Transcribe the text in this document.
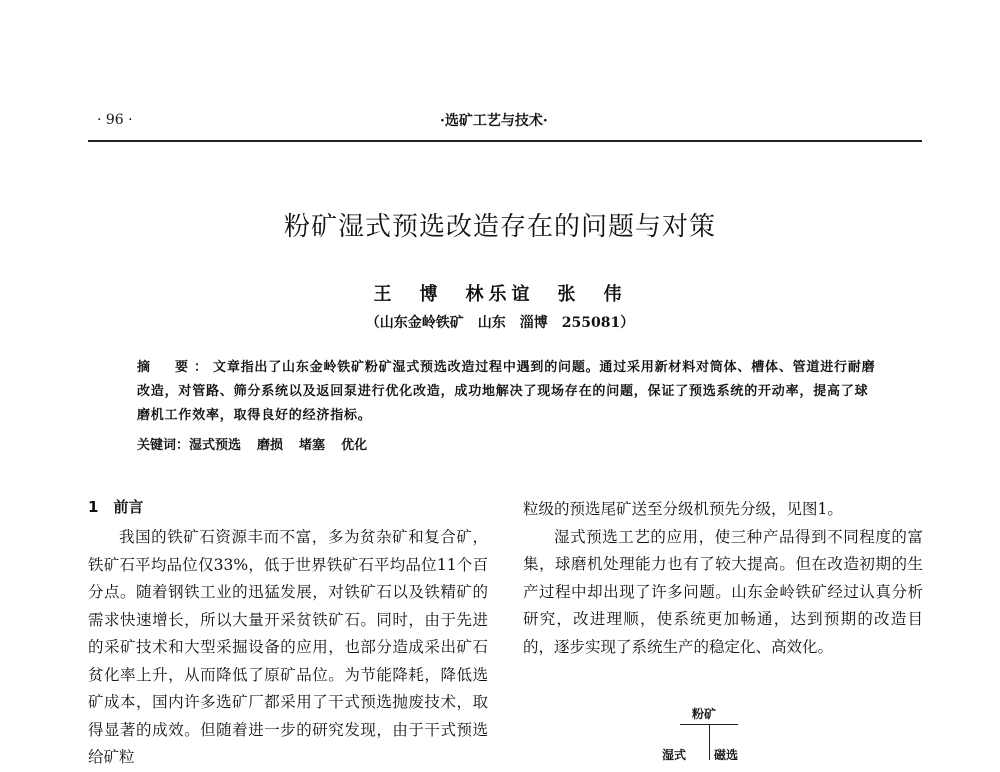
· 96 ·	·选矿工艺与技术·
粉矿湿式预选改造存在的问题与对策
王　博　林乐谊　张　伟
（山东金岭铁矿　山东　淄博　255081）
摘　要：文章指出了山东金岭铁矿粉矿湿式预选改造过程中遇到的问题。通过采用新材料对筒体、槽体、管道进行耐磨改造，对管路、筛分系统以及返回泵进行优化改造，成功地解决了现场存在的问题，保证了预选系统的开动率，提高了球磨机工作效率，取得良好的经济指标。
关键词：湿式预选 磨损 堵塞 优化
1　前言

我国的铁矿石资源丰而不富，多为贫杂矿和复合矿，铁矿石平均品位仅33%，低于世界铁矿石平均品位11个百分点。随着钢铁工业的迅猛发展，对铁矿石以及铁精矿的需求快速增长，所以大量开采贫铁矿石。同时，由于先进的采矿技术和大型采掘设备的应用，也部分造成采出矿石贫化率上升，从而降低了原矿品位。为节能降耗，降低选矿成本，国内许多选矿厂都采用了干式预选抛废技术，取得显著的成效。但随着进一步的研究发现，由于干式预选给矿粒

粒级的预选尾矿送至分级机预先分级，见图1。

湿式预选工艺的应用，使三种产品得到不同程度的富集，球磨机处理能力也有了较大提高。但在改造初期的生产过程中却出现了许多问题。山东金岭铁矿经过认真分析研究，改进理顺，使系统更加畅通，达到预期的改造目的，逐步实现了系统生产的稳定化、高效化。

粉矿
湿式 磁选
